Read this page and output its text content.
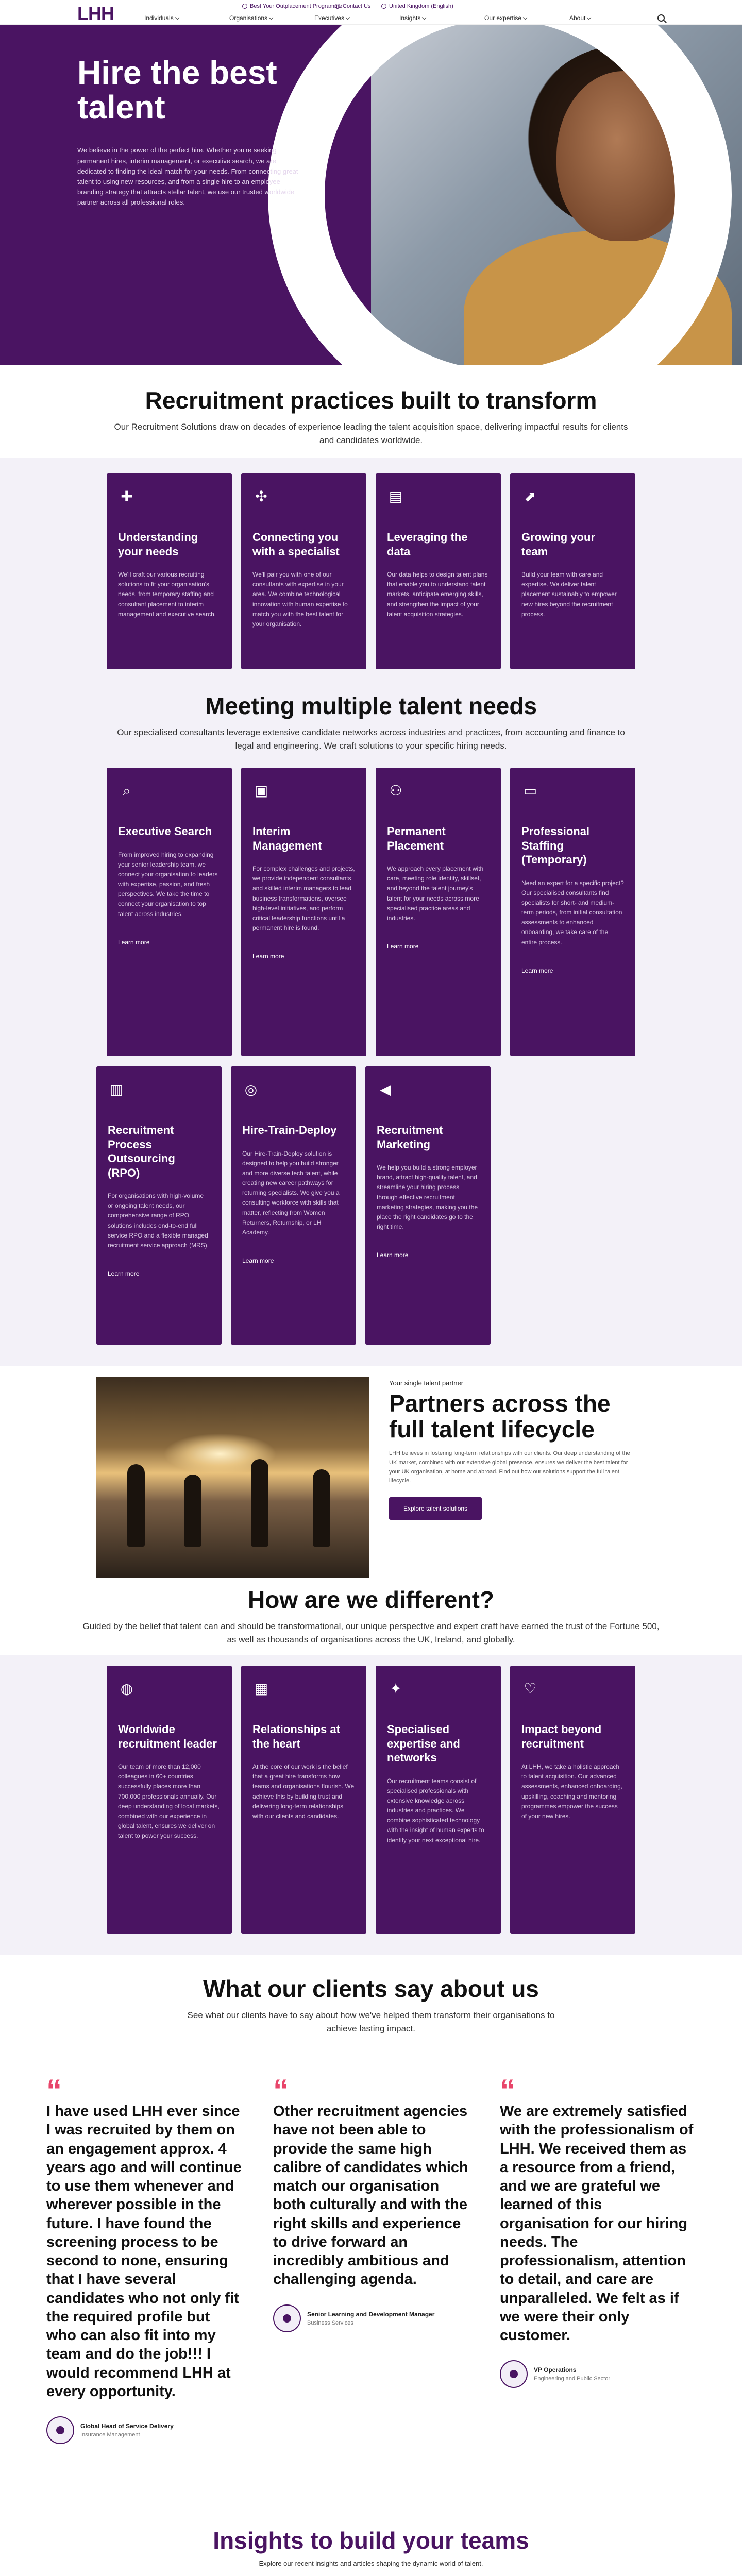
LHH	Best Your Outplacement Programme Contact Us	United Kingdom (English)
Individuals	Organisations	Executives	Insights	Our expertise	About
Hire the best talent

We believe in the power of the perfect hire. Whether you're seeking permanent hires, interim management, or executive search, we are dedicated to finding the ideal match for your needs. From connecting great talent to using new resources, and from a single hire to an employee branding strategy that attracts stellar talent, we use our trusted worldwide partner across all professional roles.

Recruitment practices built to transform

Our Recruitment Solutions draw on decades of experience leading the talent acquisition space, delivering impactful results for clients and candidates worldwide.

✚
Understanding your needs

We'll craft our various recruiting solutions to fit your organisation's needs, from temporary staffing and consultant placement to interim management and executive search.

✣
Connecting you with a specialist

We'll pair you with one of our consultants with expertise in your area. We combine technological innovation with human expertise to match you with the best talent for your organisation.

▤
Leveraging the data

Our data helps to design talent plans that enable you to understand talent markets, anticipate emerging skills, and strengthen the impact of your talent acquisition strategies.

⬈
Growing your team

Build your team with care and expertise. We deliver talent placement sustainably to empower new hires beyond the recruitment process.

Meeting multiple talent needs

Our specialised consultants leverage extensive candidate networks across industries and practices, from accounting and finance to legal and engineering. We craft solutions to your specific hiring needs.

⌕
Executive Search

From improved hiring to expanding your senior leadership team, we connect your organisation to leaders with expertise, passion, and fresh perspectives. We take the time to connect your organisation to top talent across industries.

Learn more
▣
Interim Management

For complex challenges and projects, we provide independent consultants and skilled interim managers to lead business transformations, oversee high-level initiatives, and perform critical leadership functions until a permanent hire is found.

Learn more
⚇
Permanent Placement

We approach every placement with care, meeting role identity, skillset, and beyond the talent journey's talent for your needs across more specialised practice areas and industries.

Learn more
▭
Professional Staffing (Temporary)

Need an expert for a specific project? Our specialised consultants find specialists for short- and medium-term periods, from initial consultation assessments to enhanced onboarding, we take care of the entire process.

Learn more
▥
Recruitment Process Outsourcing (RPO)

For organisations with high-volume or ongoing talent needs, our comprehensive range of RPO solutions includes end-to-end full service RPO and a flexible managed recruitment service approach (MRS).

Learn more
◎
Hire-Train-Deploy

Our Hire-Train-Deploy solution is designed to help you build stronger and more diverse tech talent, while creating new career pathways for returning specialists. We give you a consulting workforce with skills that matter, reflecting from Women Returners, Returnship, or LH Academy.

Learn more
◀
Recruitment Marketing

We help you build a strong employer brand, attract high-quality talent, and streamline your hiring process through effective recruitment marketing strategies, making you the place the right candidates go to the right time.

Learn more
Your single talent partner
Partners across the full talent lifecycle

LHH believes in fostering long-term relationships with our clients. Our deep understanding of the UK market, combined with our extensive global presence, ensures we deliver the best talent for your UK organisation, at home and abroad. Find out how our solutions support the full talent lifecycle.

Explore talent solutions
How are we different?

Guided by the belief that talent can and should be transformational, our unique perspective and expert craft have earned the trust of the Fortune 500, as well as thousands of organisations across the UK, Ireland, and globally.

◍
Worldwide recruitment leader

Our team of more than 12,000 colleagues in 60+ countries successfully places more than 700,000 professionals annually. Our deep understanding of local markets, combined with our experience in global talent, ensures we deliver on talent to power your success.

▦
Relationships at the heart

At the core of our work is the belief that a great hire transforms how teams and organisations flourish. We achieve this by building trust and delivering long-term relationships with our clients and candidates.

✦
Specialised expertise and networks

Our recruitment teams consist of specialised professionals with extensive knowledge across industries and practices. We combine sophisticated technology with the insight of human experts to identify your next exceptional hire.

♡
Impact beyond recruitment

At LHH, we take a holistic approach to talent acquisition. Our advanced assessments, enhanced onboarding, upskilling, coaching and mentoring programmes empower the success of your new hires.

What our clients say about us

See what our clients have to say about how we've helped them transform their organisations to achieve lasting impact.

“

I have used LHH ever since I was recruited by them on an engagement approx. 4 years ago and will continue to use them whenever and wherever possible in the future. I have found the screening process to be second to none, ensuring that I have several candidates who not only fit the required profile but who can also fit into my team and do the job!!! I would recommend LHH at every opportunity.

Global Head of Service Delivery
Insurance Management
“

Other recruitment agencies have not been able to provide the same high calibre of candidates which match our organisation both culturally and with the right skills and experience to drive forward an incredibly ambitious and challenging agenda.

Senior Learning and Development Manager
Business Services
“

We are extremely satisfied with the professionalism of LHH. We received them as a resource from a friend, and we are grateful we learned of this organisation for our hiring needs. The professionalism, attention to detail, and care are unparalleled. We felt as if we were their only customer.

VP Operations
Engineering and Public Sector
Insights to build your teams

Explore our recent insights and articles shaping the dynamic world of talent.
